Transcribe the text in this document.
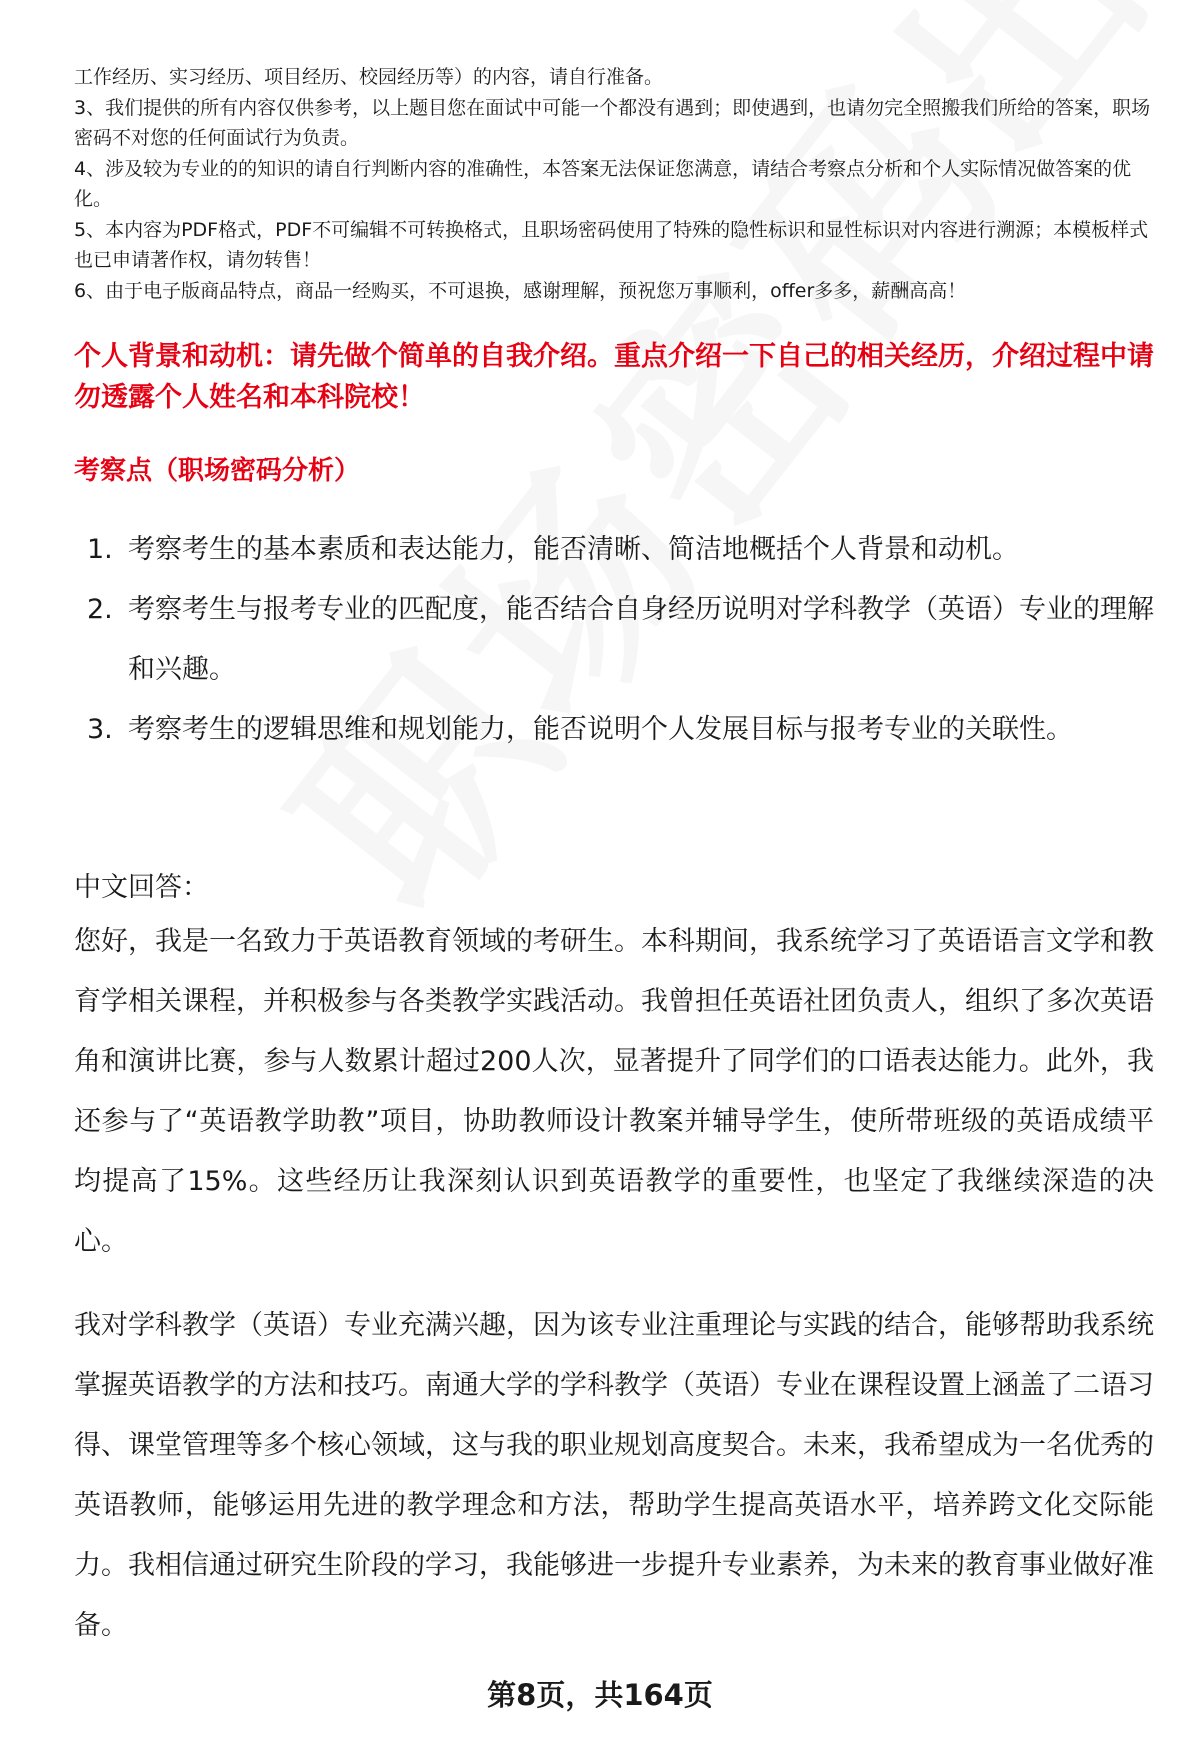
工作经历、实习经历、项目经历、校园经历等）的内容，请自行准备。

3、我们提供的所有内容仅供参考，以上题目您在面试中可能一个都没有遇到；即使遇到，也请勿完全照搬我们所给的答案，职场密码不对您的任何面试行为负责。

4、涉及较为专业的的知识的请自行判断内容的准确性，本答案无法保证您满意，请结合考察点分析和个人实际情况做答案的优化。

5、本内容为PDF格式，PDF不可编辑不可转换格式，且职场密码使用了特殊的隐性标识和显性标识对内容进行溯源；本模板样式也已申请著作权，请勿转售！

6、由于电子版商品特点，商品一经购买，不可退换，感谢理解，预祝您万事顺利，offer多多，薪酬高高！

个人背景和动机：请先做个简单的自我介绍。重点介绍一下自己的相关经历，介绍过程中请勿透露个人姓名和本科院校！
考察点（职场密码分析）
1. 考察考生的基本素质和表达能力，能否清晰、简洁地概括个人背景和动机。
2. 考察考生与报考专业的匹配度，能否结合自身经历说明对学科教学（英语）专业的理解和兴趣。
3. 考察考生的逻辑思维和规划能力，能否说明个人发展目标与报考专业的关联性。
中文回答：

您好，我是一名致力于英语教育领域的考研生。本科期间，我系统学习了英语语言文学和教育学相关课程，并积极参与各类教学实践活动。我曾担任英语社团负责人，组织了多次英语角和演讲比赛，参与人数累计超过200人次，显著提升了同学们的口语表达能力。此外，我还参与了“英语教学助教”项目，协助教师设计教案并辅导学生，使所带班级的英语成绩平均提高了15%。这些经历让我深刻认识到英语教学的重要性，也坚定了我继续深造的决心。

我对学科教学（英语）专业充满兴趣，因为该专业注重理论与实践的结合，能够帮助我系统掌握英语教学的方法和技巧。南通大学的学科教学（英语）专业在课程设置上涵盖了二语习得、课堂管理等多个核心领域，这与我的职业规划高度契合。未来，我希望成为一名优秀的英语教师，能够运用先进的教学理念和方法，帮助学生提高英语水平，培养跨文化交际能力。我相信通过研究生阶段的学习，我能够进一步提升专业素养，为未来的教育事业做好准备。

第8页，共164页
